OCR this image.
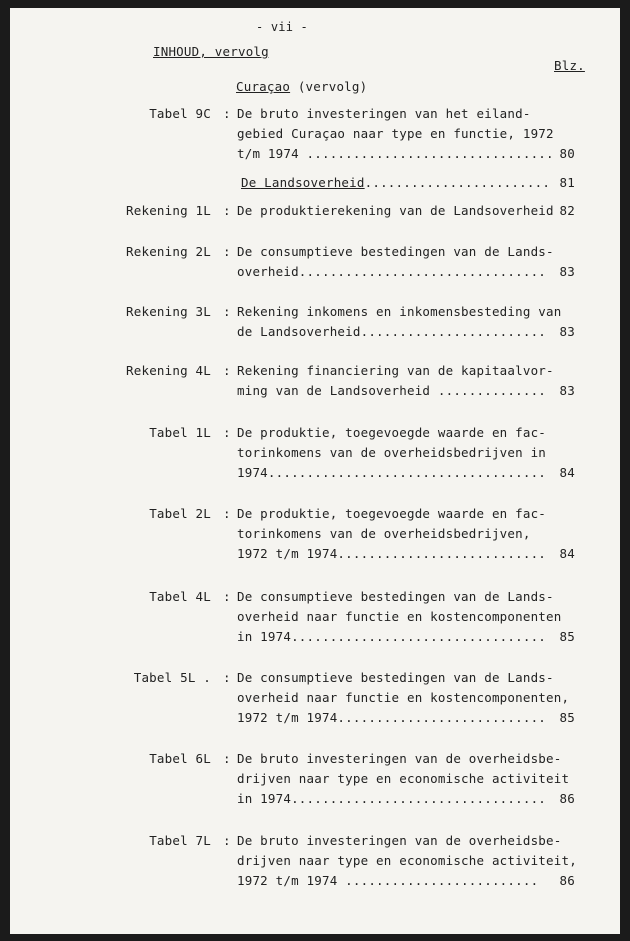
- vii -
INHOUD, vervolg
Blz.
Curaçao (vervolg)
De Landsoverheid........................ 81
Tabel 9C : De bruto investeringen van het eiland-
gebied Curaçao naar type en functie, 1972
t/m 1974 ................................ 80
Rekening 1L : De produktierekening van de Landsoverheid 82
Rekening 2L : De consumptieve bestedingen van de Lands-
overheid................................	83
Rekening 3L : Rekening inkomens en inkomensbesteding van
de Landsoverheid........................	83
Rekening 4L : Rekening financiering van de kapitaalvor-
ming van de Landsoverheid ..............	83
Tabel 1L : De produktie, toegevoegde waarde en fac-
torinkomens van de overheidsbedrijven in
1974....................................	84
Tabel 2L : De produktie, toegevoegde waarde en fac-
torinkomens van de overheidsbedrijven,
1972 t/m 1974...........................	84
Tabel 4L : De consumptieve bestedingen van de Lands-
overheid naar functie en kostencomponenten
in 1974.................................	85
Tabel 5L . : De consumptieve bestedingen van de Lands-
overheid naar functie en kostencomponenten,
1972 t/m 1974...........................	85
Tabel 6L : De bruto investeringen van de overheidsbe-
drijven naar type en economische activiteit
in 1974.................................	86
Tabel 7L : De bruto investeringen van de overheidsbe-
drijven naar type en economische activiteit,
1972 t/m 1974 .........................	86
